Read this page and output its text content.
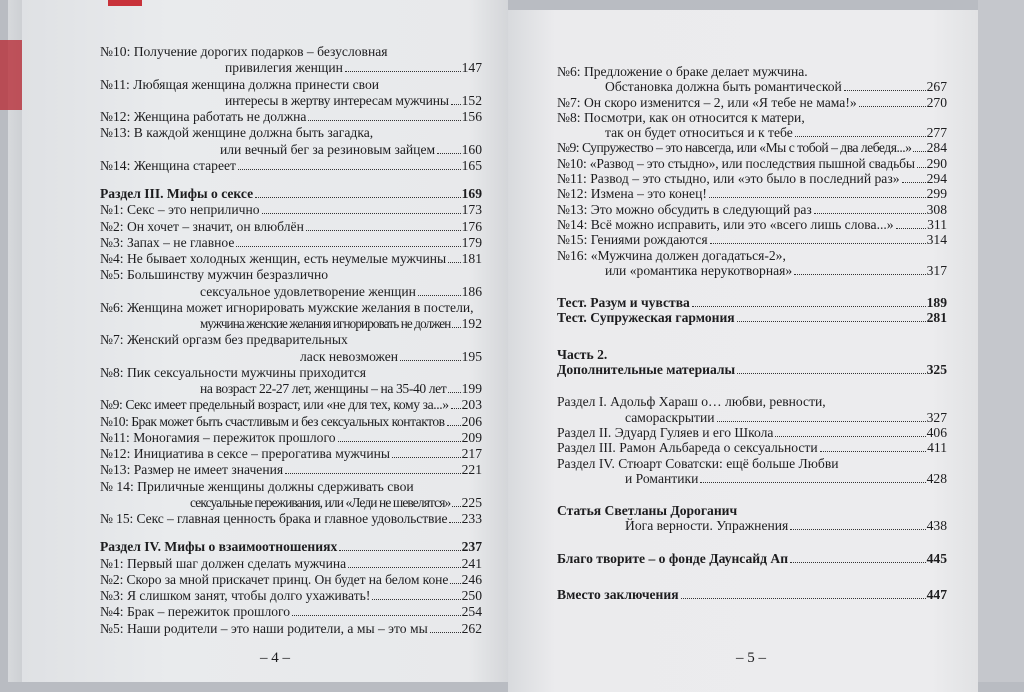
№10: Получение дорогих подарков – безусловная
привилегия женщин	147
№11: Любящая женщина должна принести свои
интересы в жертву интересам мужчины 152
№12: Женщина работать не должна	156
№13: В каждой женщине должна быть загадка,
или вечный бег за резиновым зайцем 160
№14: Женщина стареет	165
Раздел III. Мифы о сексе	169
№1: Секс – это неприлично	173
№2: Он хочет – значит, он влюблён	176
№3: Запах – не главное	179
№4: Не бывает холодных женщин, есть неумелые мужчины 181
№5: Большинству мужчин безразлично
сексуальное удовлетворение женщин	186
№6: Женщина может игнорировать мужские желания в постели,
мужчина женские желания игнорировать не должен 192
№7: Женский оргазм без предварительных
ласк невозможен	195
№8: Пик сексуальности мужчины приходится
на возраст 22-27 лет, женщины – на 35-40 лет 199
№9: Секс имеет предельный возраст, или «не для тех, кому за...» 203
№10: Брак может быть счастливым и без сексуальных контактов 206
№11: Моногамия – пережиток прошлого	209
№12: Инициатива в сексе – прерогатива мужчины	217
№13: Размер не имеет значения	221
№ 14: Приличные женщины должны сдерживать свои
сексуальные переживания, или «Леди не шевелятся» 225
№ 15: Секс – главная ценность брака и главное удовольствие 233
Раздел IV. Мифы о взаимоотношениях	237
№1: Первый шаг должен сделать мужчина	241
№2: Скоро за мной прискачет принц. Он будет на белом коне 246
№3: Я слишком занят, чтобы долго ухаживать!	250
№4: Брак – пережиток прошлого	254
№5: Наши родители – это наши родители, а мы – это мы 262
– 4 –
№6: Предложение о браке делает мужчина.
Обстановка должна быть романтической	267
№7: Он скоро изменится – 2, или «Я тебе не мама!»	270
№8: Посмотри, как он относится к матери,
так он будет относиться и к тебе	277
№9: Супружество – это навсегда, или «Мы с тобой – два лебедя...» 284
№10: «Развод – это стыдно», или последствия пышной свадьбы 290
№11: Развод – это стыдно, или «это было в последний раз» 294
№12: Измена – это конец!	299
№13: Это можно обсудить в следующий раз	308
№14: Всё можно исправить, или это «всего лишь слова...» 311
№15: Гениями рождаются	314
№16: «Мужчина должен догадаться-2»,
или «романтика нерукотворная»	317
Тест. Разум и чувства	189
Тест. Супружеская гармония	281
Часть 2.
Дополнительные материалы	325
Раздел I. Адольф Хараш о… любви, ревности,
самораскрытии	327
Раздел II. Эдуард Гуляев и его Школа	406
Раздел III. Рамон Альбареда о сексуальности	411
Раздел IV. Стюарт Соватски: ещё больше Любви
и Романтики	428
Статья Светланы Дороганич
Йога верности. Упражнения	438
Благо творите – о фонде Даунсайд Ап	445
Вместо заключения	447
– 5 –
